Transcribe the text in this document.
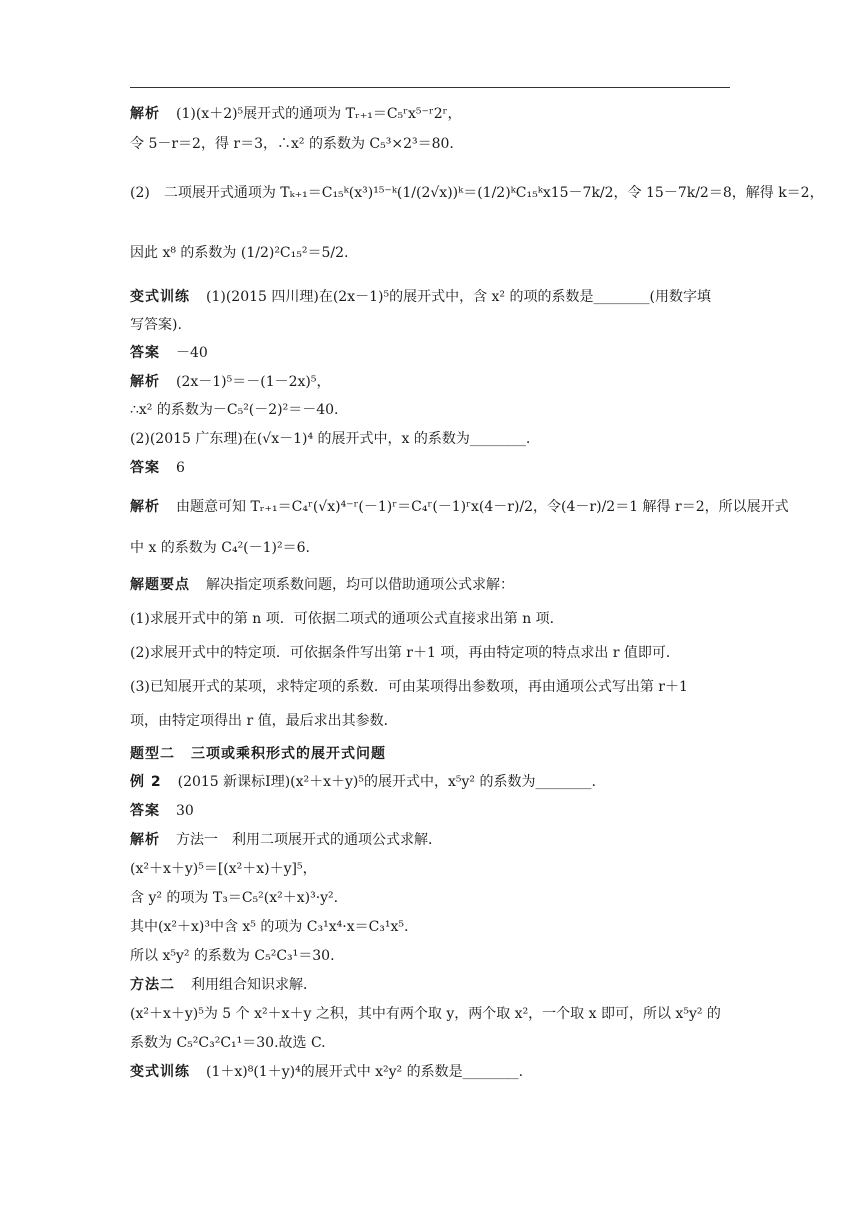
解析 (1)(x＋2)⁵展开式的通项为 Tᵣ₊₁＝C₅ʳx⁵⁻ʳ2ʳ，
令 5－r＝2，得 r＝3，∴x² 的系数为 C₅³×2³＝80.
(2)　二项展开式通项为 Tₖ₊₁＝C₁₅ᵏ(x³)¹⁵⁻ᵏ(1/(2√x))ᵏ＝(1/2)ᵏC₁₅ᵏx15－7k/2，令 15－7k/2＝8，解得 k＝2，
因此 x⁸ 的系数为 (1/2)²C₁₅²＝5/2.
变式训练 (1)(2015 四川理)在(2x－1)⁵的展开式中，含 x² 的项的系数是________(用数字填
写答案).
答案 －40
解析 (2x－1)⁵＝－(1－2x)⁵，
∴x² 的系数为－C₅²(－2)²＝－40.
(2)(2015 广东理)在(√x－1)⁴ 的展开式中，x 的系数为________.
答案 6
解析 由题意可知 Tᵣ₊₁＝C₄ʳ(√x)⁴⁻ʳ(－1)ʳ＝C₄ʳ(－1)ʳx(4－r)/2，令(4－r)/2＝1 解得 r＝2，所以展开式
中 x 的系数为 C₄²(－1)²＝6.
解题要点 解决指定项系数问题，均可以借助通项公式求解：
(1)求展开式中的第 n 项．可依据二项式的通项公式直接求出第 n 项．
(2)求展开式中的特定项．可依据条件写出第 r＋1 项，再由特定项的特点求出 r 值即可．
(3)已知展开式的某项，求特定项的系数．可由某项得出参数项，再由通项公式写出第 r＋1
项，由特定项得出 r 值，最后求出其参数．
题型二 三项或乘积形式的展开式问题
例 2 (2015 新课标Ⅰ理)(x²＋x＋y)⁵的展开式中，x⁵y² 的系数为________.
答案 30
解析 方法一　利用二项展开式的通项公式求解．
(x²＋x＋y)⁵＝[(x²＋x)＋y]⁵，
含 y² 的项为 T₃＝C₅²(x²＋x)³·y².
其中(x²＋x)³中含 x⁵ 的项为 C₃¹x⁴·x＝C₃¹x⁵.
所以 x⁵y² 的系数为 C₅²C₃¹＝30.
方法二 利用组合知识求解．
(x²＋x＋y)⁵为 5 个 x²＋x＋y 之积，其中有两个取 y，两个取 x²，一个取 x 即可，所以 x⁵y² 的
系数为 C₅²C₃²C₁¹＝30.故选 C.
变式训练 (1＋x)⁸(1＋y)⁴的展开式中 x²y² 的系数是________.
